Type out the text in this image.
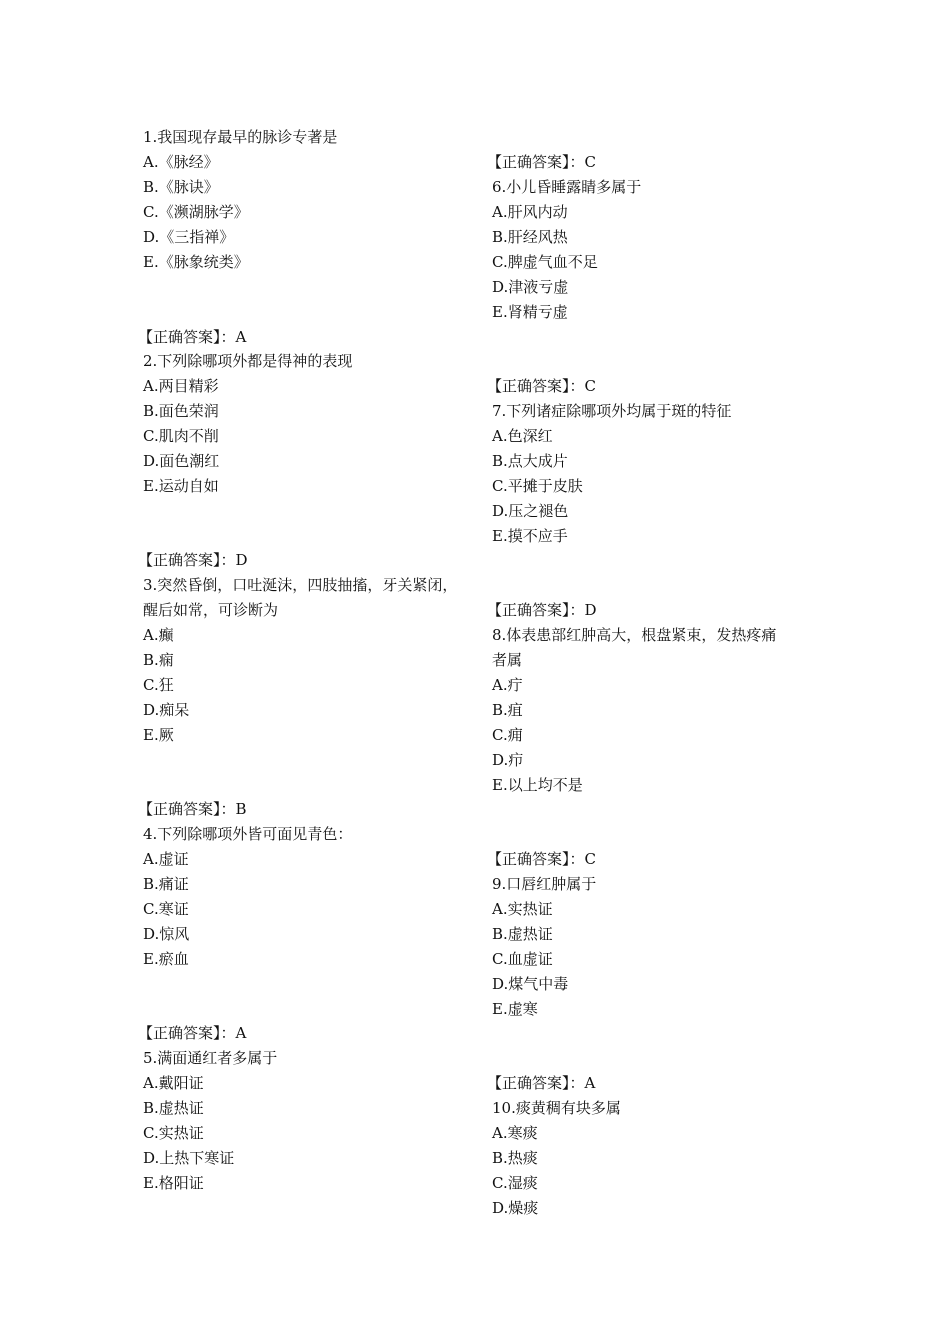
1.我国现存最早的脉诊专著是
A.《脉经》
B.《脉诀》
C.《濒湖脉学》
D.《三指禅》
E.《脉象统类》
【正确答案】：A
2.下列除哪项外都是得神的表现
A.两目精彩
B.面色荣润
C.肌肉不削
D.面色潮红
E.运动自如
【正确答案】：D
3.突然昏倒，口吐涎沫，四肢抽搐，牙关紧闭，
醒后如常，可诊断为
A.癫
B.痫
C.狂
D.痴呆
E.厥
【正确答案】：B
4.下列除哪项外皆可面见青色：
A.虚证
B.痛证
C.寒证
D.惊风
E.瘀血
【正确答案】：A
5.满面通红者多属于
A.戴阳证
B.虚热证
C.实热证
D.上热下寒证
E.格阳证
【正确答案】：C
6.小儿昏睡露睛多属于
A.肝风内动
B.肝经风热
C.脾虚气血不足
D.津液亏虚
E.肾精亏虚
【正确答案】：C
7.下列诸症除哪项外均属于斑的特征
A.色深红
B.点大成片
C.平摊于皮肤
D.压之褪色
E.摸不应手
【正确答案】：D
8.体表患部红肿高大，根盘紧束，发热疼痛
者属
A.疔
B.疽
C.痈
D.疖
E.以上均不是
【正确答案】：C
9.口唇红肿属于
A.实热证
B.虚热证
C.血虚证
D.煤气中毒
E.虚寒
【正确答案】：A
10.痰黄稠有块多属
A.寒痰
B.热痰
C.湿痰
D.燥痰
